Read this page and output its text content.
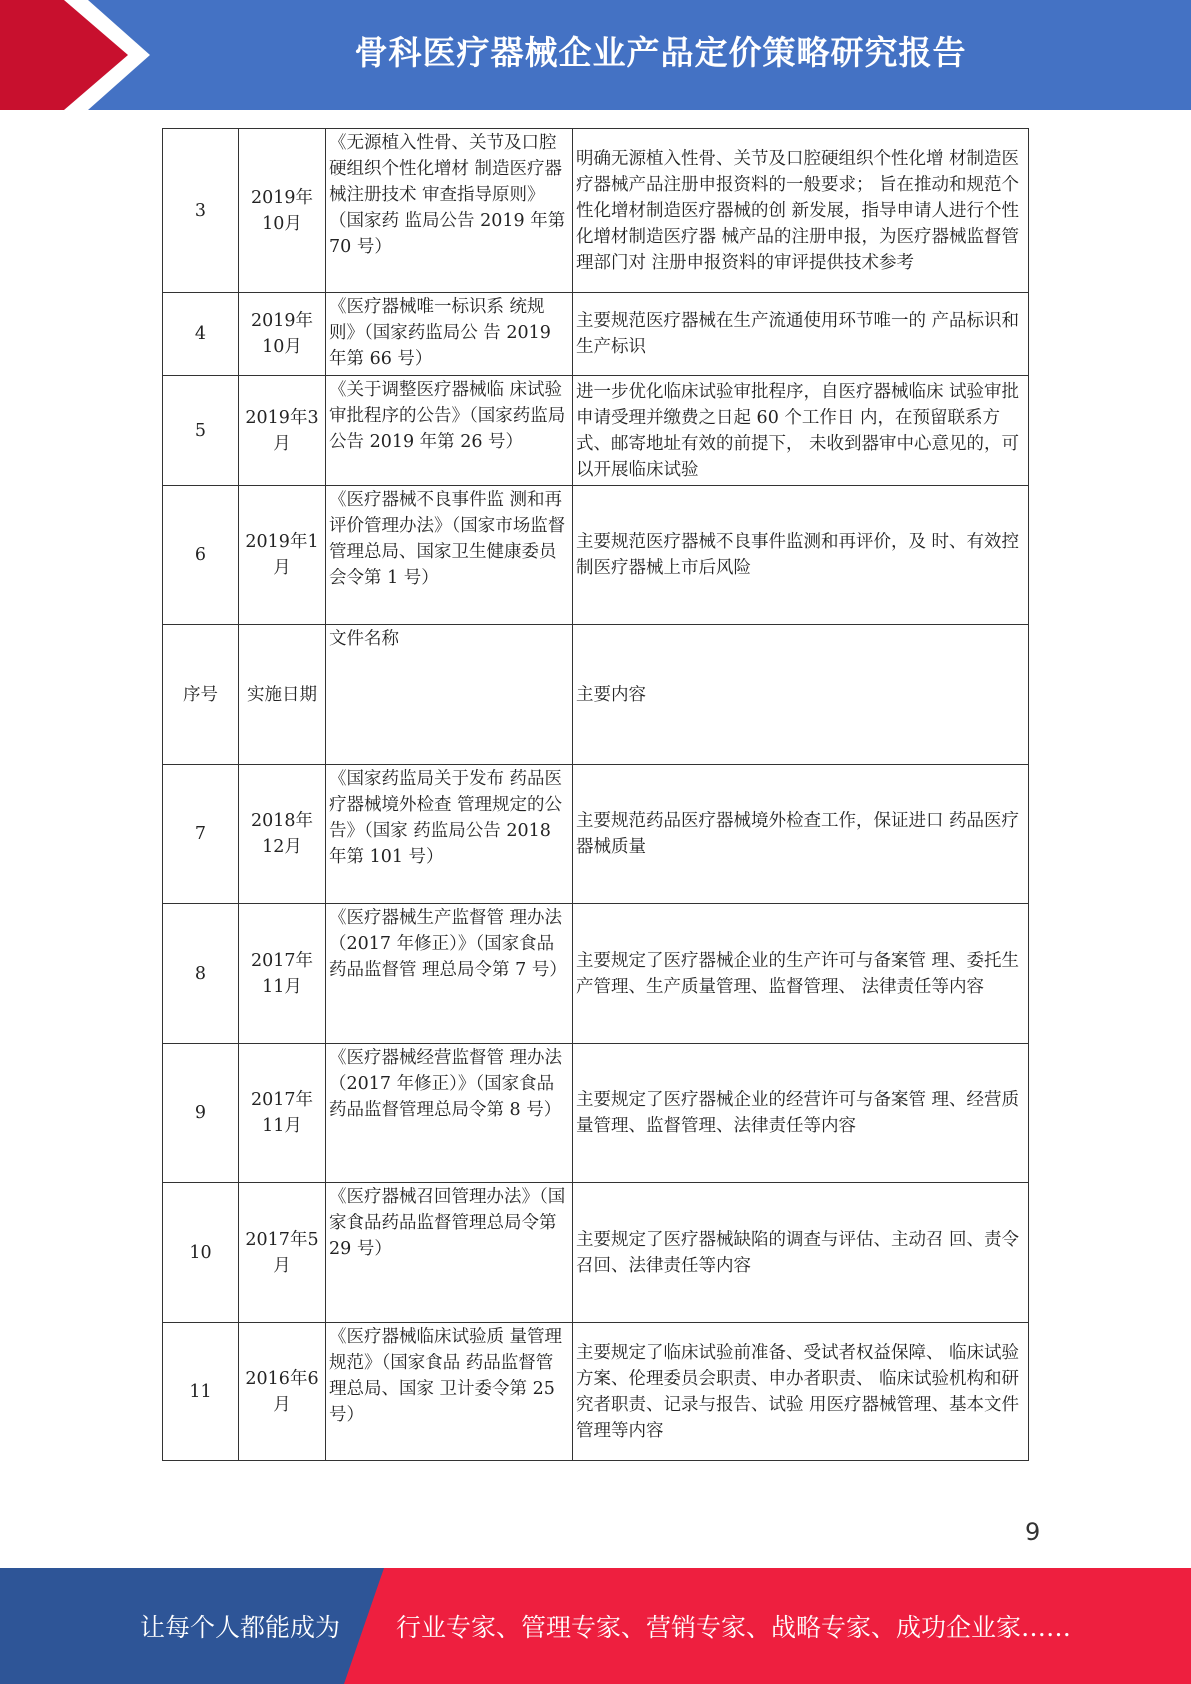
骨科医疗器械企业产品定价策略研究报告
3	2019年10月	《无源植入性骨、关节及口腔硬组织个性化增材 制造医疗器械注册技术 审查指导原则》（国家药 监局公告 2019 年第 70 号）	明确无源植入性骨、关节及口腔硬组织个性化增 材制造医疗器械产品注册申报资料的一般要求； 旨在推动和规范个性化增材制造医疗器械的创 新发展，指导申请人进行个性化增材制造医疗器 械产品的注册申报，为医疗器械监督管理部门对 注册申报资料的审评提供技术参考
4	2019年10月	《医疗器械唯一标识系 统规则》（国家药监局公 告 2019 年第 66 号）	主要规范医疗器械在生产流通使用环节唯一的 产品标识和生产标识
5	2019年3月	《关于调整医疗器械临 床试验审批程序的公告》（国家药监局公告 2019 年第 26 号）	进一步优化临床试验审批程序，自医疗器械临床 试验审批申请受理并缴费之日起 60 个工作日 内，在预留联系方式、邮寄地址有效的前提下， 未收到器审中心意见的，可以开展临床试验
6	2019年1月	《医疗器械不良事件监 测和再评价管理办法》（国家市场监督管理总局、国家卫生健康委员会令第 1 号）	主要规范医疗器械不良事件监测和再评价，及 时、有效控制医疗器械上市后风险
序号	实施日期	文件名称	主要内容
7	2018年12月	《国家药监局关于发布 药品医疗器械境外检查 管理规定的公告》（国家 药监局公告 2018 年第 101 号）	主要规范药品医疗器械境外检查工作，保证进口 药品医疗器械质量
8	2017年11月	《医疗器械生产监督管 理办法（2017 年修正）》（国家食品药品监督管 理总局令第 7 号）	主要规定了医疗器械企业的生产许可与备案管 理、委托生产管理、生产质量管理、监督管理、 法律责任等内容
9	2017年11月	《医疗器械经营监督管 理办法（2017 年修正）》（国家食品药品监督管理总局令第 8 号）	主要规定了医疗器械企业的经营许可与备案管 理、经营质量管理、监督管理、法律责任等内容
10	2017年5月	《医疗器械召回管理办法》（国家食品药品监督管理总局令第 29 号）	主要规定了医疗器械缺陷的调查与评估、主动召 回、责令召回、法律责任等内容
11	2016年6月	《医疗器械临床试验质 量管理规范》（国家食品 药品监督管理总局、国家 卫计委令第 25 号）	主要规定了临床试验前准备、受试者权益保障、 临床试验方案、伦理委员会职责、申办者职责、 临床试验机构和研究者职责、记录与报告、试验 用医疗器械管理、基本文件管理等内容
9
让每个人都能成为 行业专家、管理专家、营销专家、战略专家、成功企业家……
